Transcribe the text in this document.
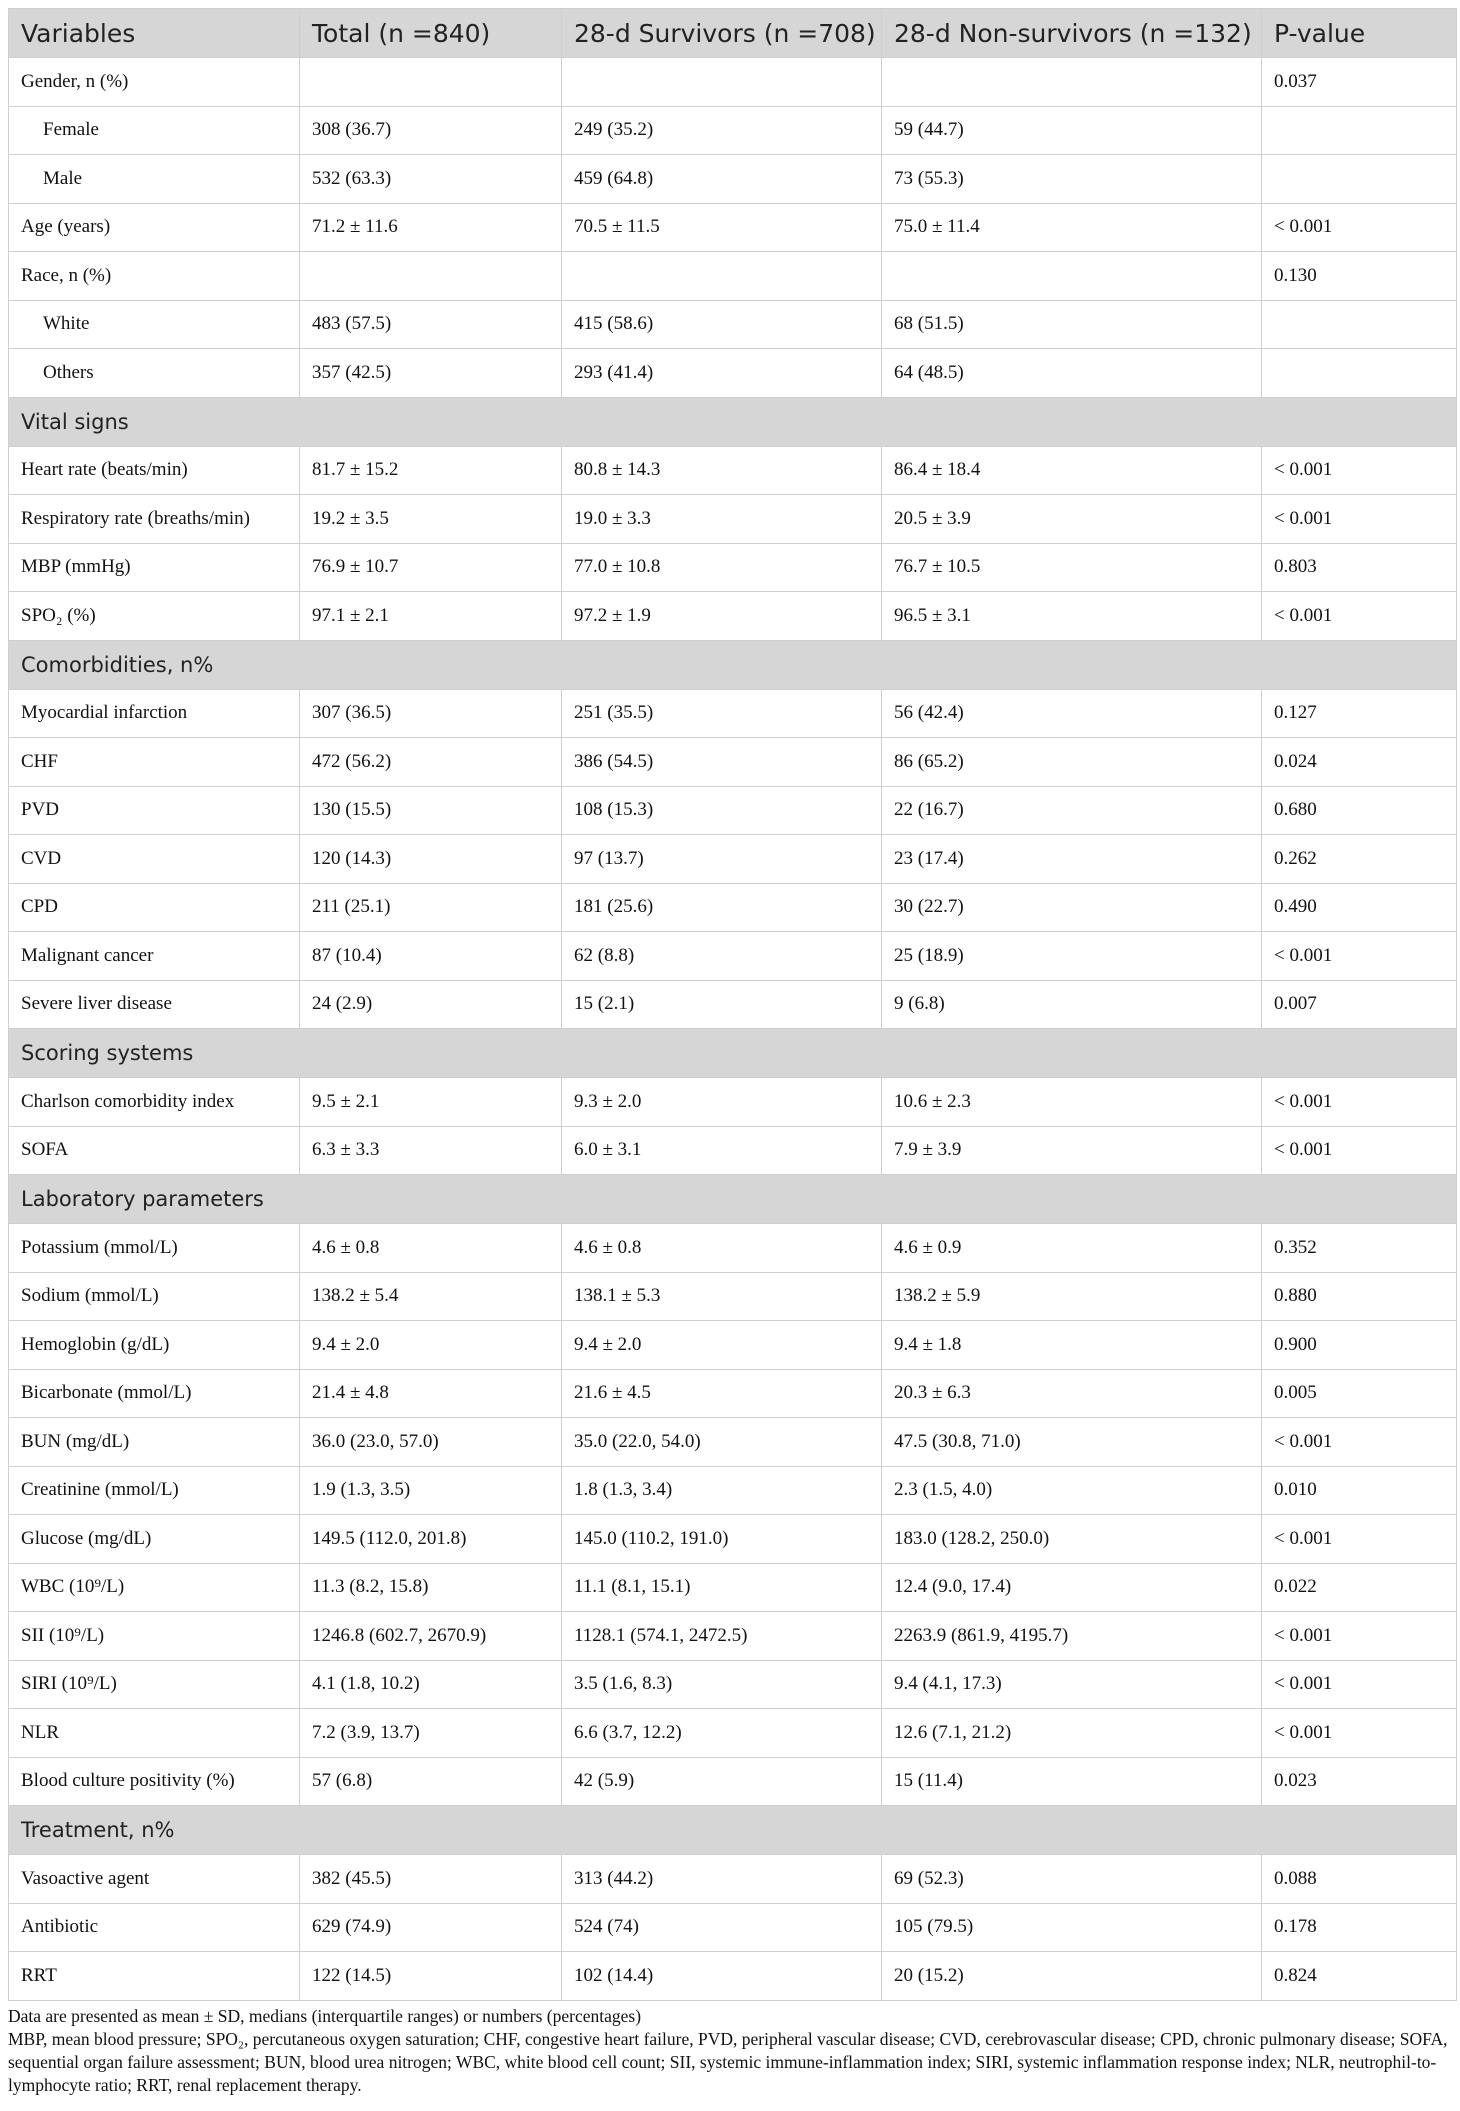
Variables	Total (n =840)	28-d Survivors (n =708)	28-d Non-survivors (n =132)	P-value
Gender, n (%)				0.037
Female	308 (36.7)	249 (35.2)	59 (44.7)	
Male	532 (63.3)	459 (64.8)	73 (55.3)	
Age (years)	71.2 ± 11.6	70.5 ± 11.5	75.0 ± 11.4	< 0.001
Race, n (%)				0.130
White	483 (57.5)	415 (58.6)	68 (51.5)	
Others	357 (42.5)	293 (41.4)	64 (48.5)	
Vital signs				
Heart rate (beats/min)	81.7 ± 15.2	80.8 ± 14.3	86.4 ± 18.4	< 0.001
Respiratory rate (breaths/min)	19.2 ± 3.5	19.0 ± 3.3	20.5 ± 3.9	< 0.001
MBP (mmHg)	76.9 ± 10.7	77.0 ± 10.8	76.7 ± 10.5	0.803
SPO₂ (%)	97.1 ± 2.1	97.2 ± 1.9	96.5 ± 3.1	< 0.001
Comorbidities, n%				
Myocardial infarction	307 (36.5)	251 (35.5)	56 (42.4)	0.127
CHF	472 (56.2)	386 (54.5)	86 (65.2)	0.024
PVD	130 (15.5)	108 (15.3)	22 (16.7)	0.680
CVD	120 (14.3)	97 (13.7)	23 (17.4)	0.262
CPD	211 (25.1)	181 (25.6)	30 (22.7)	0.490
Malignant cancer	87 (10.4)	62 (8.8)	25 (18.9)	< 0.001
Severe liver disease	24 (2.9)	15 (2.1)	9 (6.8)	0.007
Scoring systems				
Charlson comorbidity index	9.5 ± 2.1	9.3 ± 2.0	10.6 ± 2.3	< 0.001
SOFA	6.3 ± 3.3	6.0 ± 3.1	7.9 ± 3.9	< 0.001
Laboratory parameters				
Potassium (mmol/L)	4.6 ± 0.8	4.6 ± 0.8	4.6 ± 0.9	0.352
Sodium (mmol/L)	138.2 ± 5.4	138.1 ± 5.3	138.2 ± 5.9	0.880
Hemoglobin (g/dL)	9.4 ± 2.0	9.4 ± 2.0	9.4 ± 1.8	0.900
Bicarbonate (mmol/L)	21.4 ± 4.8	21.6 ± 4.5	20.3 ± 6.3	0.005
BUN (mg/dL)	36.0 (23.0, 57.0)	35.0 (22.0, 54.0)	47.5 (30.8, 71.0)	< 0.001
Creatinine (mmol/L)	1.9 (1.3, 3.5)	1.8 (1.3, 3.4)	2.3 (1.5, 4.0)	0.010
Glucose (mg/dL)	149.5 (112.0, 201.8)	145.0 (110.2, 191.0)	183.0 (128.2, 250.0)	< 0.001
WBC (10⁹/L)	11.3 (8.2, 15.8)	11.1 (8.1, 15.1)	12.4 (9.0, 17.4)	0.022
SII (10⁹/L)	1246.8 (602.7, 2670.9)	1128.1 (574.1, 2472.5)	2263.9 (861.9, 4195.7)	< 0.001
SIRI (10⁹/L)	4.1 (1.8, 10.2)	3.5 (1.6, 8.3)	9.4 (4.1, 17.3)	< 0.001
NLR	7.2 (3.9, 13.7)	6.6 (3.7, 12.2)	12.6 (7.1, 21.2)	< 0.001
Blood culture positivity (%)	57 (6.8)	42 (5.9)	15 (11.4)	0.023
Treatment, n%				
Vasoactive agent	382 (45.5)	313 (44.2)	69 (52.3)	0.088
Antibiotic	629 (74.9)	524 (74)	105 (79.5)	0.178
RRT	122 (14.5)	102 (14.4)	20 (15.2)	0.824

Data are presented as mean ± SD, medians (interquartile ranges) or numbers (percentages)

MBP, mean blood pressure; SPO₂, percutaneous oxygen saturation; CHF, congestive heart failure, PVD, peripheral vascular disease; CVD, cerebrovascular disease; CPD, chronic pulmonary disease; SOFA, sequential organ failure assessment; BUN, blood urea nitrogen; WBC, white blood cell count; SII, systemic immune-inflammation index; SIRI, systemic inflammation response index; NLR, neutrophil-to-lymphocyte ratio; RRT, renal replacement therapy.
